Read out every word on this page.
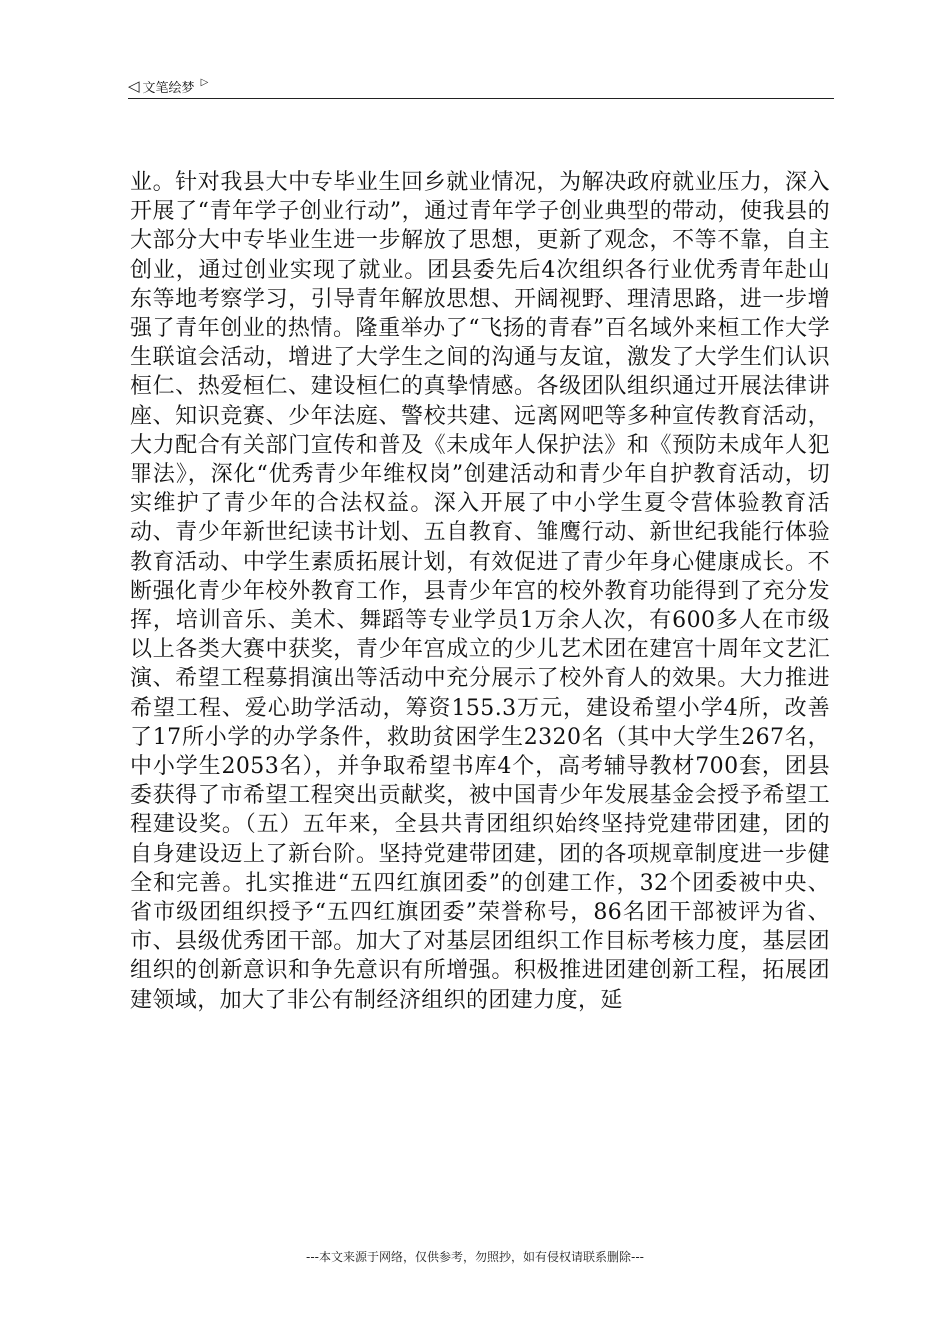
◁ 文笔绘梦 ▷

业。针对我县大中专毕业生回乡就业情况，为解决政府就业压力，深入开展了“青年学子创业行动”，通过青年学子创业典型的带动，使我县的大部分大中专毕业生进一步解放了思想，更新了观念，不等不靠，自主创业，通过创业实现了就业。团县委先后4次组织各行业优秀青年赴山东等地考察学习，引导青年解放思想、开阔视野、理清思路，进一步增强了青年创业的热情。隆重举办了“飞扬的青春”百名域外来桓工作大学生联谊会活动，增进了大学生之间的沟通与友谊，激发了大学生们认识桓仁、热爱桓仁、建设桓仁的真挚情感。各级团队组织通过开展法律讲座、知识竞赛、少年法庭、警校共建、远离网吧等多种宣传教育活动，大力配合有关部门宣传和普及《未成年人保护法》和《预防未成年人犯罪法》，深化“优秀青少年维权岗”创建活动和青少年自护教育活动，切实维护了青少年的合法权益。深入开展了中小学生夏令营体验教育活动、青少年新世纪读书计划、五自教育、雏鹰行动、新世纪我能行体验教育活动、中学生素质拓展计划，有效促进了青少年身心健康成长。不断强化青少年校外教育工作，县青少年宫的校外教育功能得到了充分发挥，培训音乐、美术、舞蹈等专业学员1万余人次，有600多人在市级以上各类大赛中获奖，青少年宫成立的少儿艺术团在建宫十周年文艺汇演、希望工程募捐演出等活动中充分展示了校外育人的效果。大力推进希望工程、爱心助学活动，筹资155.3万元，建设希望小学4所，改善了17所小学的办学条件，救助贫困学生2320名（其中大学生267名，中小学生2053名），并争取希望书库4个，高考辅导教材700套，团县委获得了市希望工程突出贡献奖，被中国青少年发展基金会授予希望工程建设奖。（五）五年来，全县共青团组织始终坚持党建带团建，团的自身建设迈上了新台阶。坚持党建带团建，团的各项规章制度进一步健全和完善。扎实推进“五四红旗团委”的创建工作，32个团委被中央、省市级团组织授予“五四红旗团委”荣誉称号，86名团干部被评为省、市、县级优秀团干部。加大了对基层团组织工作目标考核力度，基层团组织的创新意识和争先意识有所增强。积极推进团建创新工程，拓展团建领域，加大了非公有制经济组织的团建力度，延

---本文来源于网络，仅供参考，勿照抄，如有侵权请联系删除---
